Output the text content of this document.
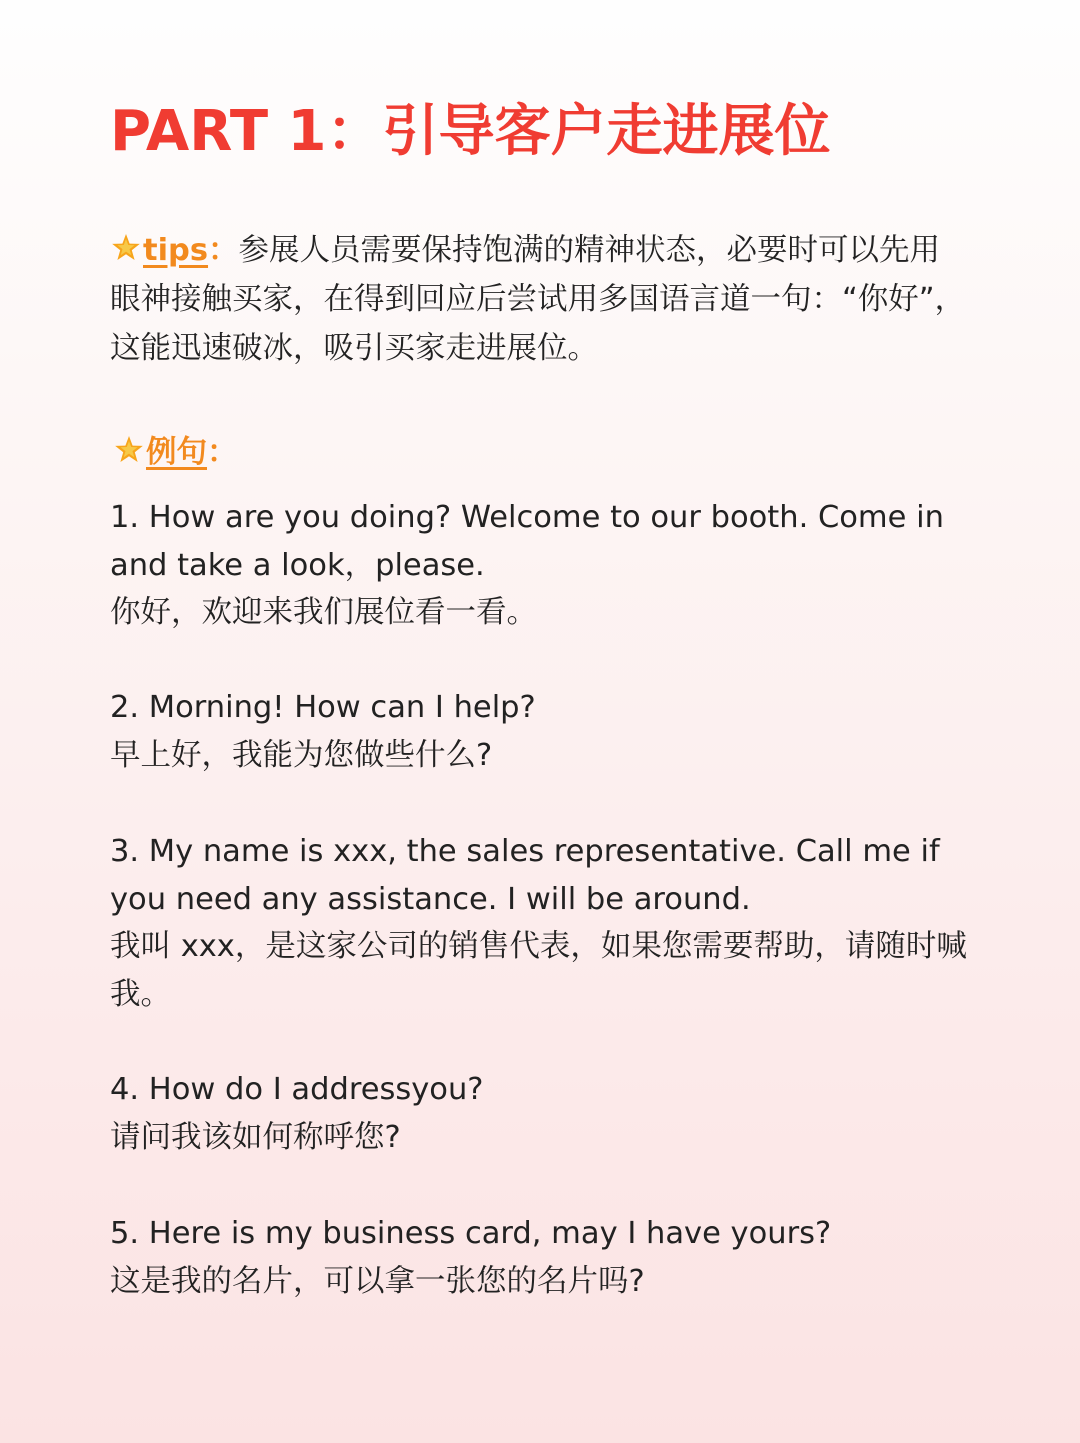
PART 1：引导客户走进展位

tips：参展人员需要保持饱满的精神状态，必要时可以先用眼神接触买家，在得到回应后尝试用多国语言道一句：“你好”，这能迅速破冰，吸引买家走进展位。

例句：

1. How are you doing? Welcome to our booth. Come in and take a look，please.
你好，欢迎来我们展位看一看。
2. Morning! How can I help?
早上好，我能为您做些什么?
3. My name is xxx, the sales representative. Call me if you need any assistance. I will be around.
我叫 xxx，是这家公司的销售代表，如果您需要帮助，请随时喊我。
4. How do I addressyou?
请问我该如何称呼您?
5. Here is my business card, may I have yours?
这是我的名片，可以拿一张您的名片吗?
